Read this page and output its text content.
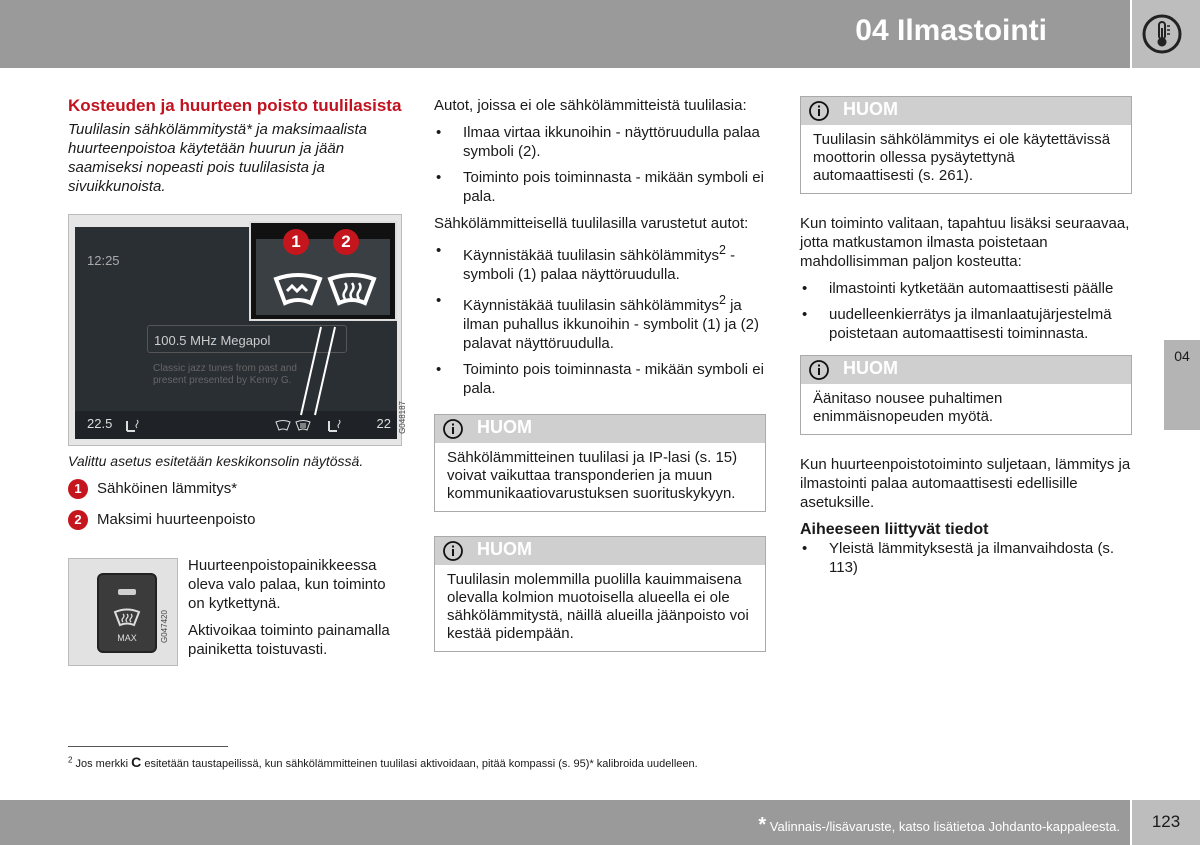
04 Ilmastointi
04
Kosteuden ja huurteen poisto tuulilasista
Tuulilasin sähkölämmitystä* ja maksimaalista huurteenpoistoa käytetään huurun ja jään saamiseksi nopeasti pois tuulilasista ja sivuikkunoista.
12:25
100.5 MHz Megapol
Classic jazz tunes from past and present presented by Kenny G.
22.5	22
1	2
G048187
Valittu asetus esitetään keskikonsolin näytössä.
1	Sähköinen lämmitys*
2	Maksimi huurteenpoisto
MAX	G047420

Huurteenpoistopainikkeessa oleva valo palaa, kun toiminto on kytkettynä.

Aktivoikaa toiminto painamalla painiketta toistuvasti.

Autot, joissa ei ole sähkölämmitteistä tuulilasia:

• Ilmaa virtaa ikkunoihin - näyttöruudulla palaa symboli (2).
• Toiminto pois toiminnasta - mikään symboli ei pala.

Sähkölämmitteisellä tuulilasilla varustetut autot:

• Käynnistäkää tuulilasin sähkölämmitys$^2$ - symboli (1) palaa näyttöruudulla.
• Käynnistäkää tuulilasin sähkölämmitys$^2$ ja ilman puhallus ikkunoihin - symbolit (1) ja (2) palavat näyttöruudulla.
• Toiminto pois toiminnasta - mikään symboli ei pala.
HUOM
Sähkölämmitteinen tuulilasi ja IP-lasi (s. 15) voivat vaikuttaa transponderien ja muun kommunikaatiovarustuksen suorituskykyyn.
HUOM
Tuulilasin molemmilla puolilla kauimmaisena olevalla kolmion muotoisella alueella ei ole sähkölämmitystä, näillä alueilla jäänpoisto voi kestää pidempään.
HUOM
Tuulilasin sähkölämmitys ei ole käytettävissä moottorin ollessa pysäytettynä automaattisesti (s. 261).

Kun toiminto valitaan, tapahtuu lisäksi seuraavaa, jotta matkustamon ilmasta poistetaan mahdollisimman paljon kosteutta:

• ilmastointi kytketään automaattisesti päälle
• uudelleenkierrätys ja ilmanlaatujärjestelmä poistetaan automaattisesti toiminnasta.
HUOM
Äänitaso nousee puhaltimen enimmäisnopeuden myötä.

Kun huurteenpoistotoiminto suljetaan, lämmitys ja ilmastointi palaa automaattisesti edellisille asetuksille.

Aiheeseen liittyvät tiedot
• Yleistä lämmityksestä ja ilmanvaihdosta (s. 113)
$^2$ Jos merkki C esitetään taustapeilissä, kun sähkölämmitteinen tuulilasi aktivoidaan, pitää kompassi (s. 95)* kalibroida uudelleen.
* Valinnais-/lisävaruste, katso lisätietoa Johdanto-kappaleesta.	123
